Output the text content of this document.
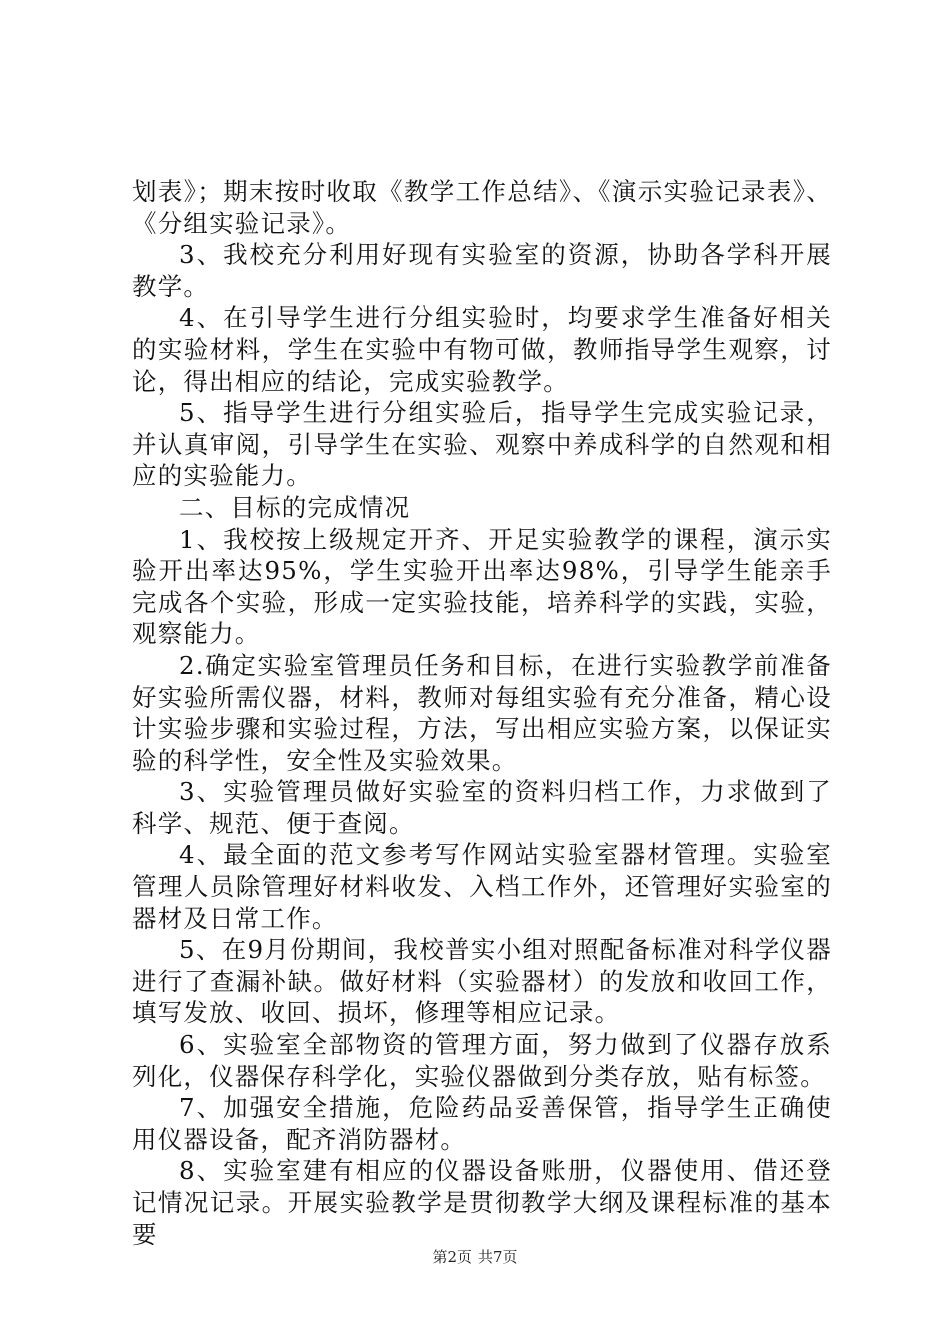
划表》；期末按时收取《教学工作总结》、《演示实验记录表》、《分组实验记录》。

3、我校充分利用好现有实验室的资源，协助各学科开展教学。

4、在引导学生进行分组实验时，均要求学生准备好相关的实验材料，学生在实验中有物可做，教师指导学生观察，讨论，得出相应的结论，完成实验教学。

5、指导学生进行分组实验后，指导学生完成实验记录，并认真审阅，引导学生在实验、观察中养成科学的自然观和相应的实验能力。

二、目标的完成情况

1、我校按上级规定开齐、开足实验教学的课程，演示实验开出率达95%，学生实验开出率达98%，引导学生能亲手完成各个实验，形成一定实验技能，培养科学的实践，实验，观察能力。

2.确定实验室管理员任务和目标，在进行实验教学前准备好实验所需仪器，材料，教师对每组实验有充分准备，精心设计实验步骤和实验过程，方法，写出相应实验方案，以保证实验的科学性，安全性及实验效果。

3、实验管理员做好实验室的资料归档工作，力求做到了科学、规范、便于查阅。

4、最全面的范文参考写作网站实验室器材管理。实验室管理人员除管理好材料收发、入档工作外，还管理好实验室的器材及日常工作。

5、在9月份期间，我校普实小组对照配备标准对科学仪器进行了查漏补缺。做好材料（实验器材）的发放和收回工作，填写发放、收回、损坏，修理等相应记录。

6、实验室全部物资的管理方面，努力做到了仪器存放系列化，仪器保存科学化，实验仪器做到分类存放，贴有标签。

7、加强安全措施，危险药品妥善保管，指导学生正确使用仪器设备，配齐消防器材。

8、实验室建有相应的仪器设备账册，仪器使用、借还登记情况记录。开展实验教学是贯彻教学大纲及课程标准的基本要

第2页 共7页
